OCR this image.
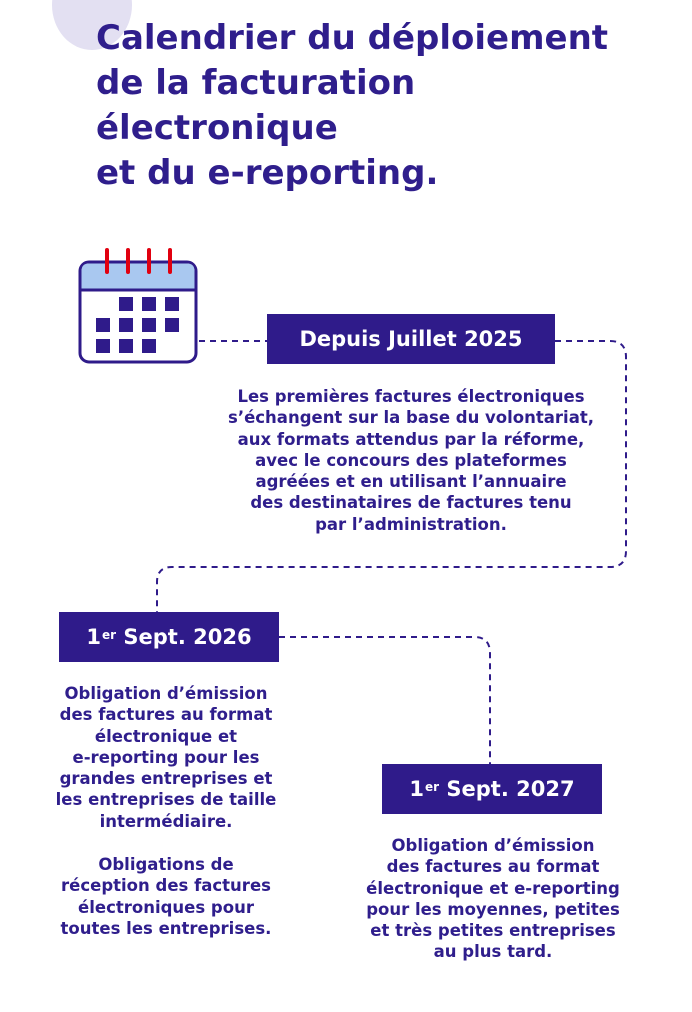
Calendrier du déploiement
de la facturation
électronique
et du e-reporting.
Depuis Juillet 2025

Les premières factures électroniques
s’échangent sur la base du volontariat,
aux formats attendus par la réforme,
avec le concours des plateformes
agréées et en utilisant l’annuaire
des destinataires de factures tenu
par l’administration.

1er Sept. 2026

Obligation d’émission
des factures au format
électronique et
e-reporting pour les
grandes entreprises et
les entreprises de taille
intermédiaire.

Obligations de
réception des factures
électroniques pour
toutes les entreprises.

1er Sept. 2027

Obligation d’émission
des factures au format
électronique et e-reporting
pour les moyennes, petites
et très petites entreprises
au plus tard.
